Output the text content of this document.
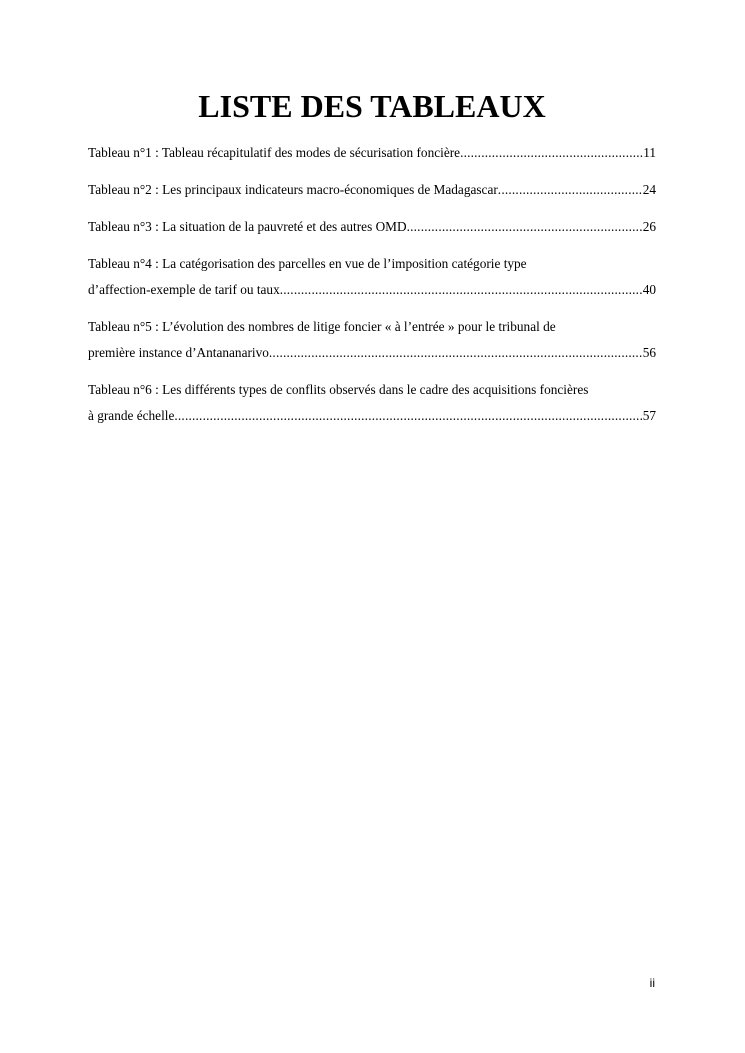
LISTE DES TABLEAUX
Tableau n°1 : Tableau récapitulatif des modes de sécurisation foncière .....	11
Tableau n°2 : Les principaux indicateurs macro-économiques de Madagascar .....	24
Tableau n°3 : La situation de la pauvreté et des autres OMD .....	26
Tableau n°4 : La catégorisation des parcelles en vue de l’imposition catégorie type
d’affection-exemple de tarif ou taux .....	40
Tableau n°5 : L’évolution des nombres de litige foncier « à l’entrée » pour le tribunal de
première instance d’Antananarivo .....	56
Tableau n°6 : Les différents types de conflits observés dans le cadre des acquisitions foncières
à grande échelle .....	57
ii
